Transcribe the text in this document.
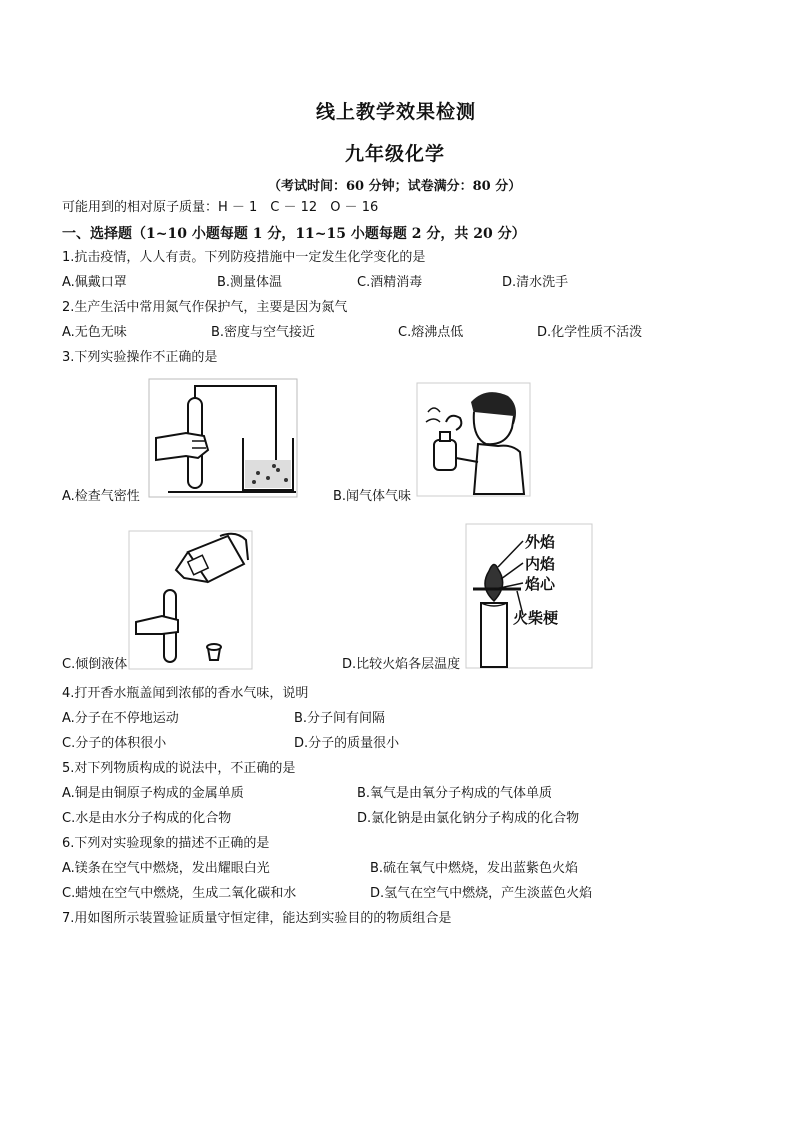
线上教学效果检测
九年级化学
（考试时间：60 分钟；试卷满分：80 分）
可能用到的相对原子质量：H － 1　C － 12　O － 16
一、选择题（1~10 小题每题 1 分，11~15 小题每题 2 分，共 20 分）
1.抗击疫情，人人有责。下列防疫措施中一定发生化学变化的是
A.佩戴口罩	B.测量体温	C.酒精消毒	D.清水洗手
2.生产生活中常用氮气作保护气，主要是因为氮气
A.无色无味	B.密度与空气接近	C.熔沸点低	D.化学性质不活泼
3.下列实验操作不正确的是
A.检查气密性	B.闻气体气味
C.倾倒液体
外焰
内焰
焰心
火柴梗
D.比较火焰各层温度
4.打开香水瓶盖闻到浓郁的香水气味，说明
A.分子在不停地运动	B.分子间有间隔
C.分子的体积很小	D.分子的质量很小
5.对下列物质构成的说法中，不正确的是
A.铜是由铜原子构成的金属单质	B.氧气是由氧分子构成的气体单质
C.水是由水分子构成的化合物	D.氯化钠是由氯化钠分子构成的化合物
6.下列对实验现象的描述不正确的是
A.镁条在空气中燃烧，发出耀眼白光	B.硫在氧气中燃烧，发出蓝紫色火焰
C.蜡烛在空气中燃烧，生成二氧化碳和水	D.氢气在空气中燃烧，产生淡蓝色火焰
7.用如图所示装置验证质量守恒定律，能达到实验目的的物质组合是
